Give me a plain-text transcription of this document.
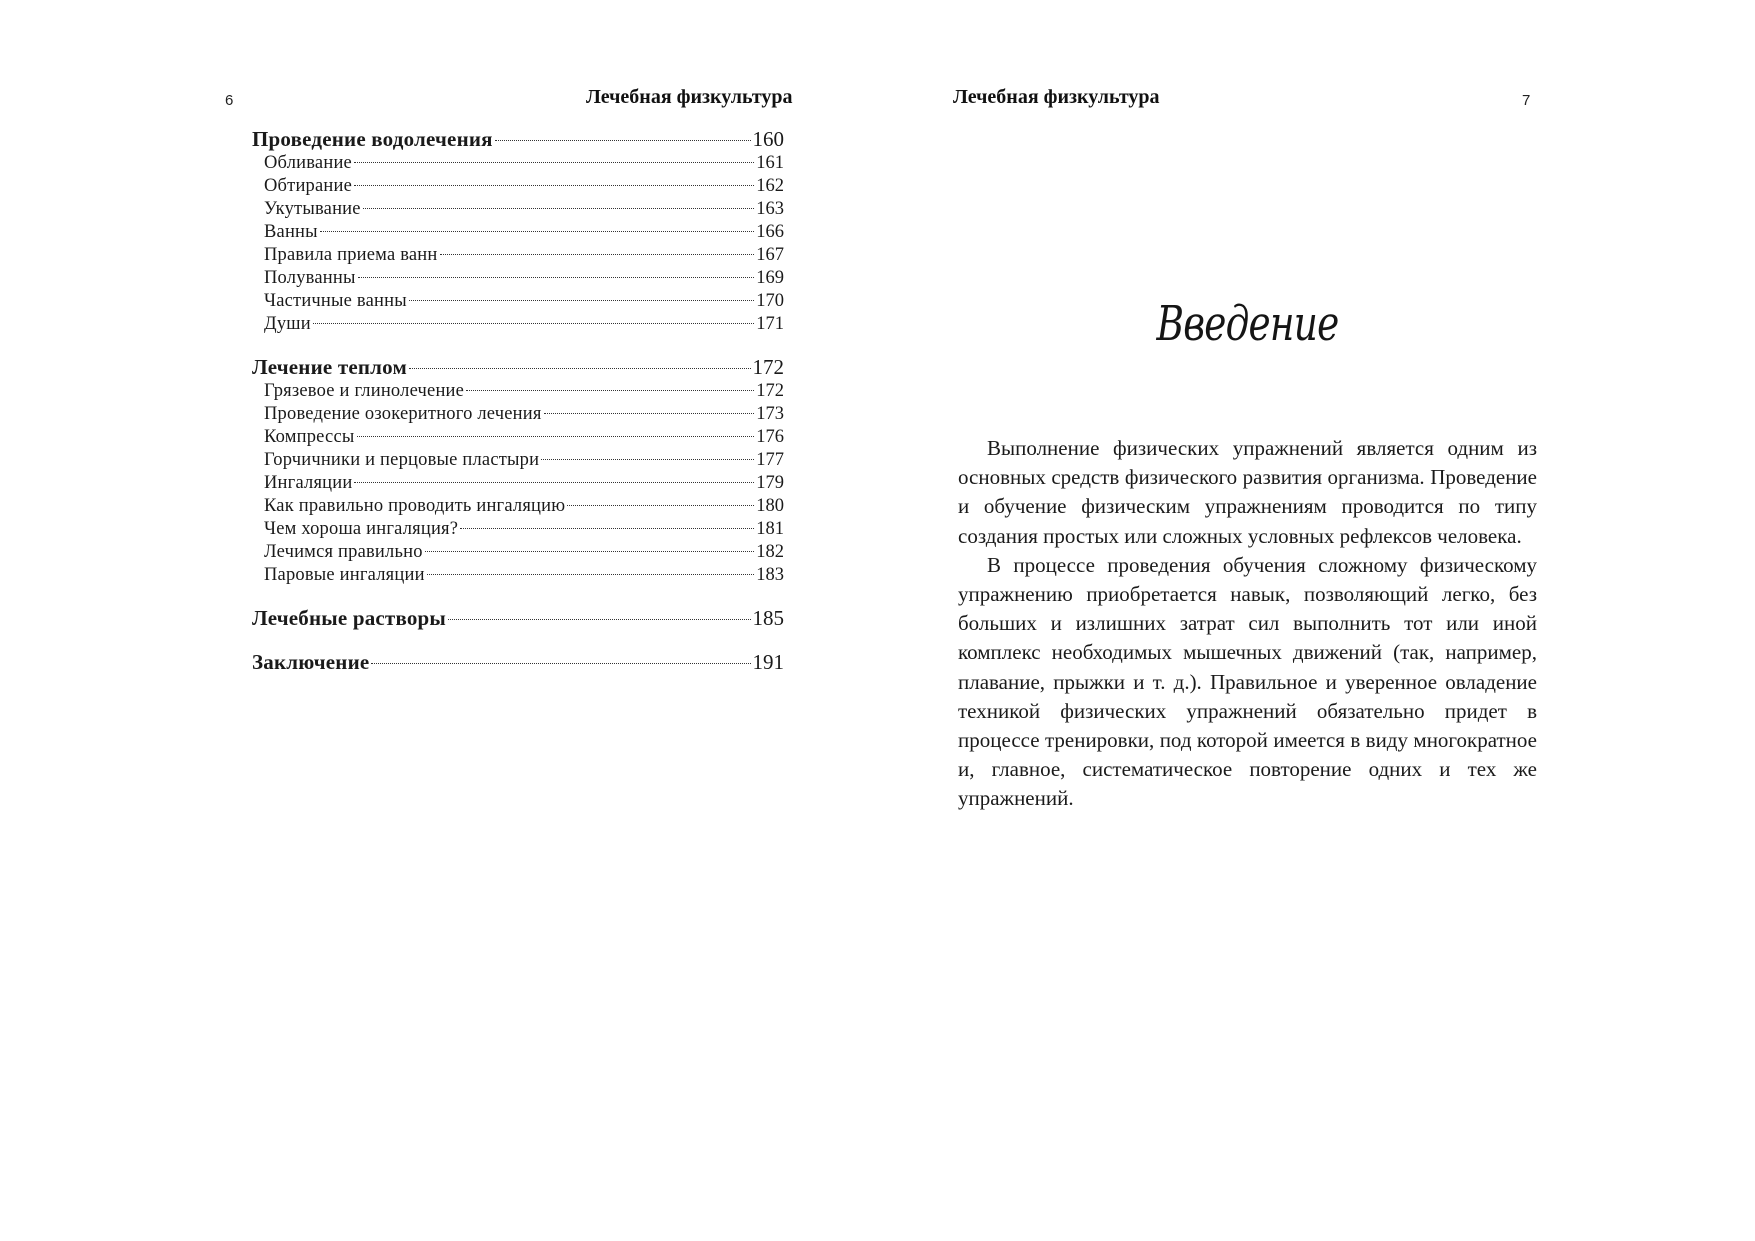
6	Лечебная физкультура
Проведение водолечения	160
Обливание	161
Обтирание	162
Укутывание	163
Ванны	166
Правила приема ванн	167
Полуванны	169
Частичные ванны	170
Души	171
Лечение теплом	172
Грязевое и глинолечение	172
Проведение озокеритного лечения	173
Компрессы	176
Горчичники и перцовые пластыри	177
Ингаляции	179
Как правильно проводить ингаляцию	180
Чем хороша ингаляция?	181
Лечимся правильно	182
Паровые ингаляции	183
Лечебные растворы	185
Заключение	191
Лечебная физкультура	7
Введение

Выполнение физических упражнений является одним из основных средств физического развития организма. Проведение и обучение физическим упражнениям проводится по типу создания простых или сложных условных рефлексов человека.

В процессе проведения обучения сложному физическому упражнению приобретается навык, позволяющий легко, без больших и излишних затрат сил выполнить тот или иной комплекс необходимых мышечных движений (так, например, плавание, прыжки и т. д.). Правильное и уверенное овладение техникой физических упражнений обязательно придет в процессе тренировки, под которой имеется в виду многократное и, главное, систематическое повторение одних и тех же упражнений.
